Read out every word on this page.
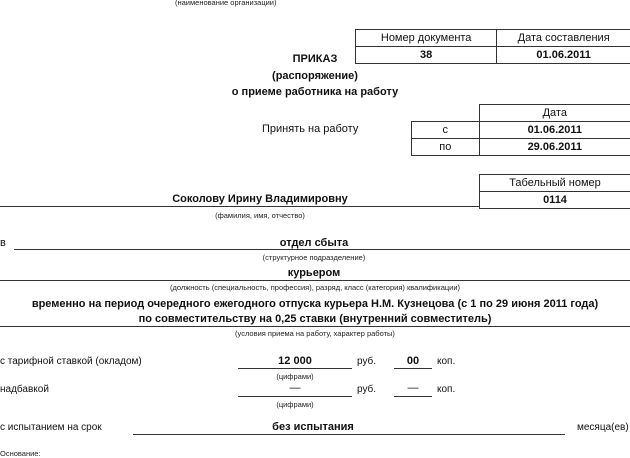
(наименование организации)
Номер документа	Дата составления
38	01.06.2011
ПРИКАЗ
(распоряжение)
о приеме работника на работу
	Дата
с	01.06.2011
по	29.06.2011
Принять на работу
Табельный номер
0114
Соколову Ирину Владимировну
(фамилия, имя, отчество)
в	отдел сбыта
(структурное подразделение)
курьером
(должность (специальность, профессия), разряд, класс (категория) квалификации)
временно на период очередного ежегодного отпуска курьера Н.М. Кузнецова (с 1 по 29 июня 2011 года)
по совместительству на 0,25 ставки (внутренний совместитель)
(условия приема на работу, характер работы)
с тарифной ставкой (окладом)	12 000	руб.	00	коп.
(цифрами)
надбавкой	—	руб.	—	коп.
(цифрами)
с испытанием на срок	без испытания	месяца(ев)
Основание:
